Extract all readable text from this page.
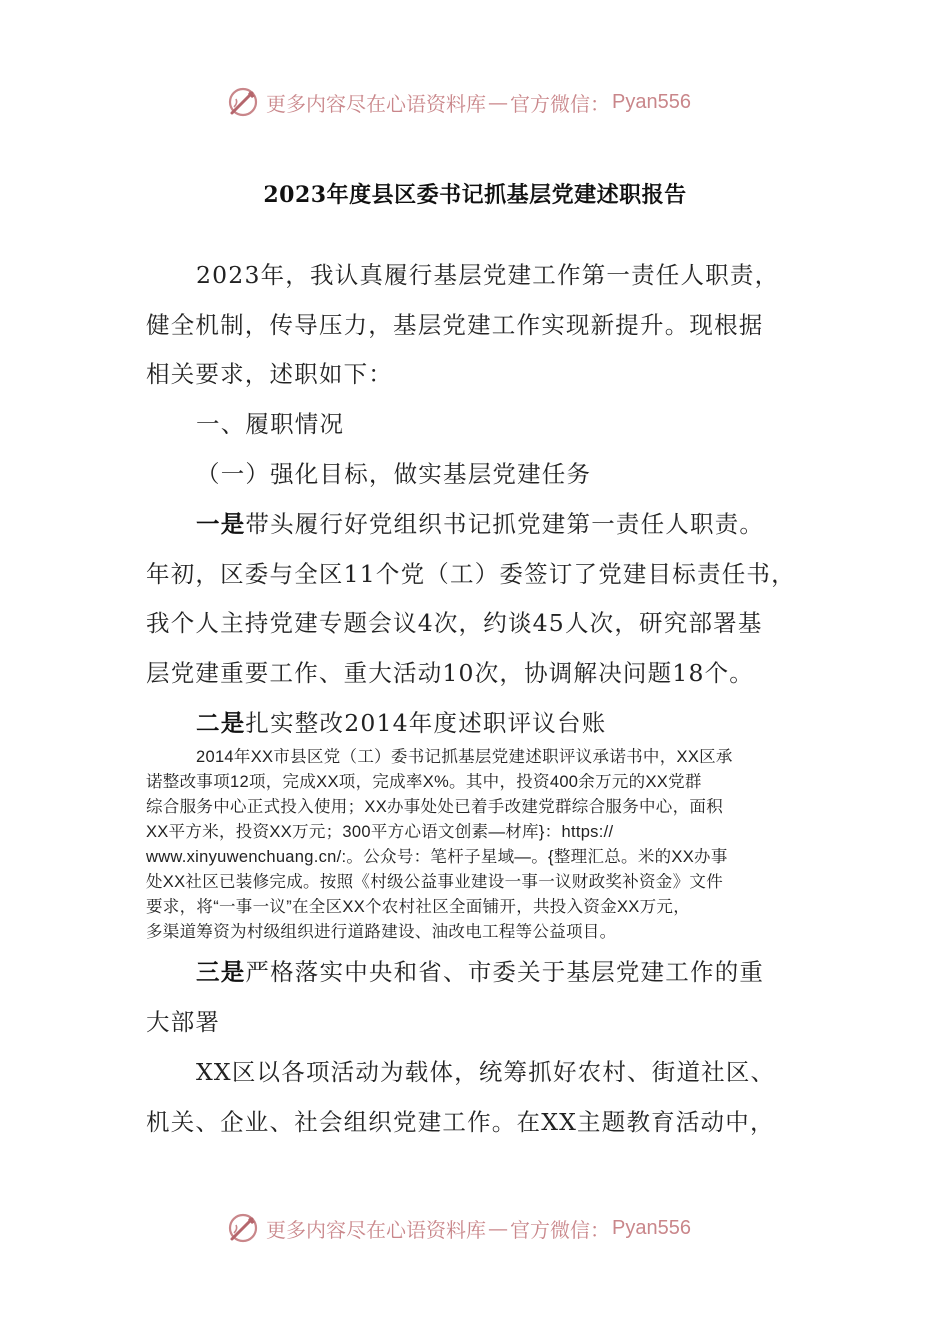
更多内容尽在心语资料库 — 官方微信： Pyan556
2023年度县区委书记抓基层党建述职报告
2023年，我认真履行基层党建工作第一责任人职责，
健全机制，传导压力，基层党建工作实现新提升。现根据
相关要求，述职如下：
一、履职情况
（一）强化目标，做实基层党建任务
一是带头履行好党组织书记抓党建第一责任人职责。
年初，区委与全区11个党（工）委签订了党建目标责任书，
我个人主持党建专题会议4次，约谈45人次，研究部署基
层党建重要工作、重大活动10次，协调解决问题18个。
二是扎实整改2014年度述职评议台账
2014年XX市县区党（工）委书记抓基层党建述职评议承诺书中，XX区承
诺整改事项12项，完成XX项，完成率X%。其中，投资400余万元的XX党群
综合服务中心正式投入使用；XX办事处处已着手改建党群综合服务中心，面积
XX平方米，投资XX万元；300平方心语文创素—材库}：https://
www.xinyuwenchuang.cn/:。公众号：笔杆子星域—。{整理汇总。米的XX办事
处XX社区已装修完成。按照《村级公益事业建设一事一议财政奖补资金》文件
要求，将“一事一议”在全区XX个农村社区全面铺开，共投入资金XX万元，
多渠道筹资为村级组织进行道路建设、油改电工程等公益项目。
三是严格落实中央和省、市委关于基层党建工作的重
大部署
XX区以各项活动为载体，统筹抓好农村、街道社区、
机关、企业、社会组织党建工作。在XX主题教育活动中，
更多内容尽在心语资料库 — 官方微信： Pyan556
